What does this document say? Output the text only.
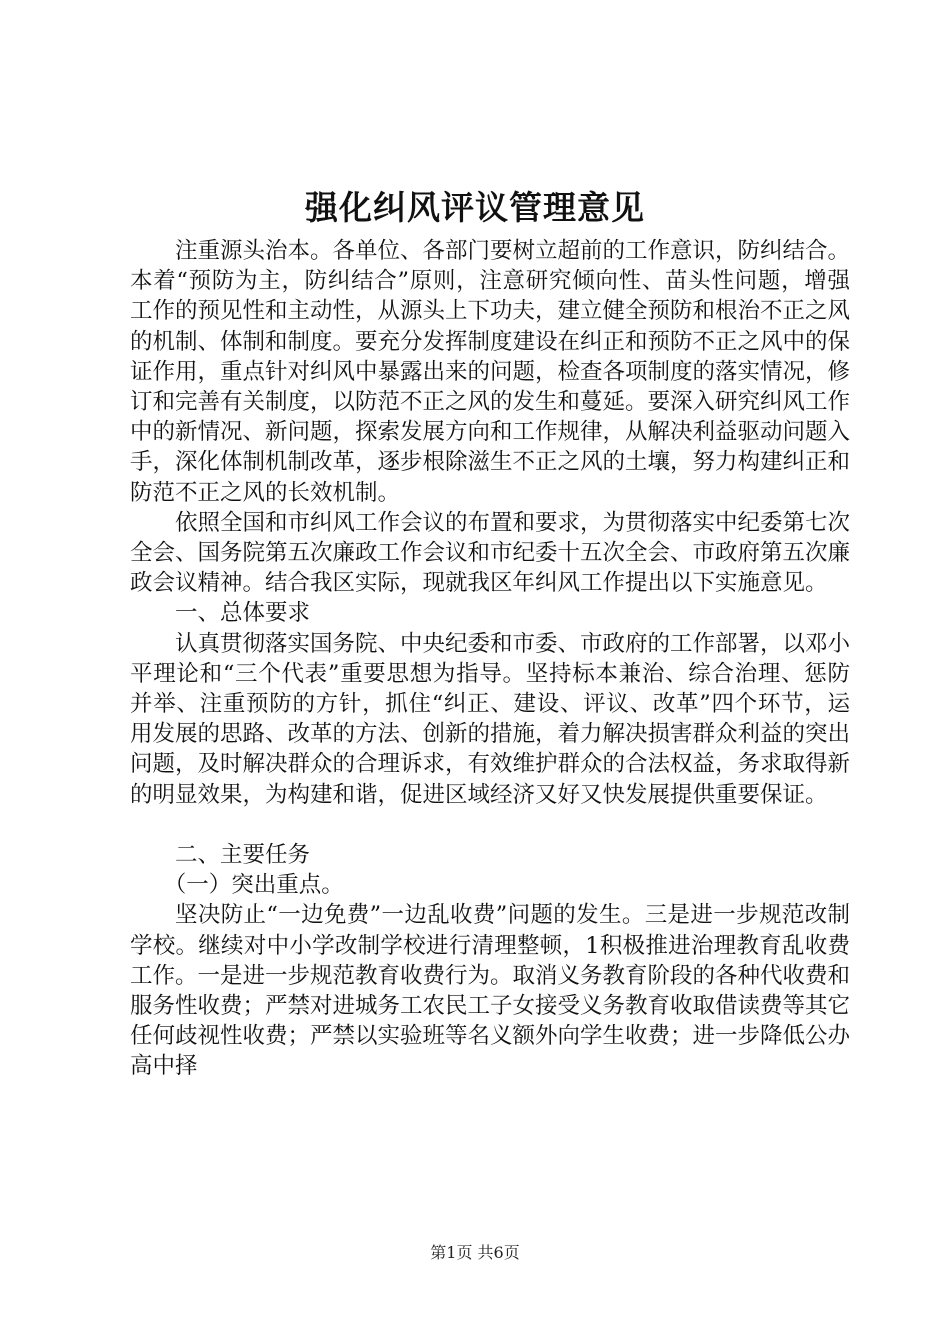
强化纠风评议管理意见

注重源头治本。各单位、各部门要树立超前的工作意识，防纠结合。本着“预防为主，防纠结合”原则，注意研究倾向性、苗头性问题，增强工作的预见性和主动性，从源头上下功夫，建立健全预防和根治不正之风的机制、体制和制度。要充分发挥制度建设在纠正和预防不正之风中的保证作用，重点针对纠风中暴露出来的问题，检查各项制度的落实情况，修订和完善有关制度，以防范不正之风的发生和蔓延。要深入研究纠风工作中的新情况、新问题，探索发展方向和工作规律，从解决利益驱动问题入手，深化体制机制改革，逐步根除滋生不正之风的土壤，努力构建纠正和防范不正之风的长效机制。

依照全国和市纠风工作会议的布置和要求，为贯彻落实中纪委第七次全会、国务院第五次廉政工作会议和市纪委十五次全会、市政府第五次廉政会议精神。结合我区实际，现就我区年纠风工作提出以下实施意见。

一、总体要求

认真贯彻落实国务院、中央纪委和市委、市政府的工作部署，以邓小平理论和“三个代表”重要思想为指导。坚持标本兼治、综合治理、惩防并举、注重预防的方针，抓住“纠正、建设、评议、改革”四个环节，运用发展的思路、改革的方法、创新的措施，着力解决损害群众利益的突出问题，及时解决群众的合理诉求，有效维护群众的合法权益，务求取得新的明显效果，为构建和谐，促进区域经济又好又快发展提供重要保证。

二、主要任务

（一）突出重点。

坚决防止“一边免费”一边乱收费”问题的发生。三是进一步规范改制学校。继续对中小学改制学校进行清理整顿，1积极推进治理教育乱收费工作。一是进一步规范教育收费行为。取消义务教育阶段的各种代收费和服务性收费；严禁对进城务工农民工子女接受义务教育收取借读费等其它任何歧视性收费；严禁以实验班等名义额外向学生收费；进一步降低公办高中择

第1页 共6页
